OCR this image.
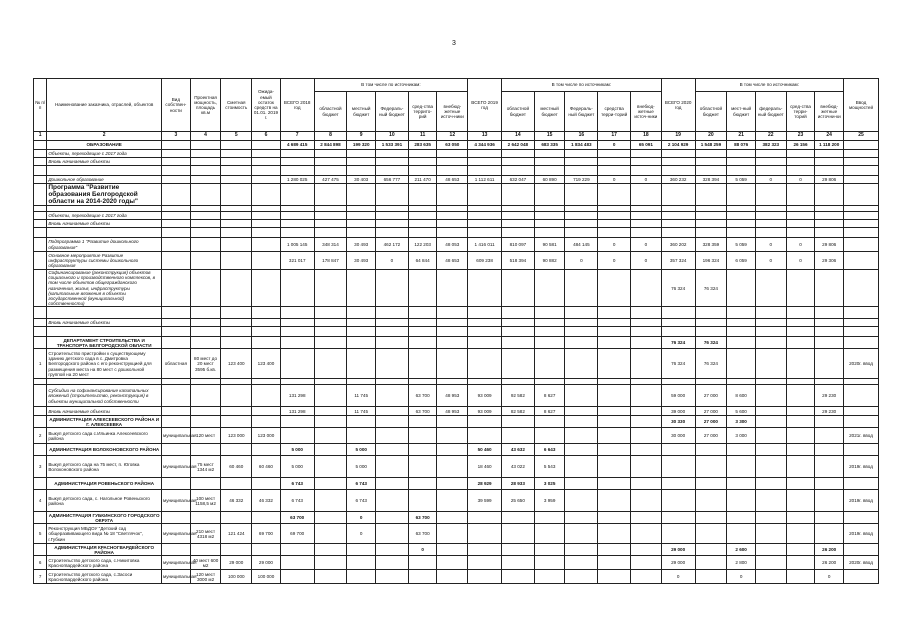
3
№ п/п	Наименование заказчика, отраслей, объектов	Вид собствен-ности	Проектная мощность, площадь кв.м	Сметная стоимость	Ожида-емый остаток средств на 01.01. 2019 г.	ВСЕГО 2018 год	В том числе по источникам:					ВСЕГО 2019 год	В том числе по источникам:					ВСЕГО 2020 год	В том числе по источникам:					Ввод мощностей
							областной бюджет	местный бюджет	Федераль-ный бюджет	сред-ства террито-рий	внебюд-жетные источ-ники		областной бюджет	местный бюджет	Федераль-ный бюджет	средства терри-торий	внебюд-жетные источ-ники		областной бюджет	мест-ный бюджет	федераль-ный бюджет	сред-ства терри-торий	внебюд-жетные источни-ки	
1	2	3	4	5	6	7	8	9	10	11	12	13	14	15	16	17	18	19	20	21	22	23	24	25
	ОБРАЗОВАНИЕ					4 689 415	2 844 898	199 320	1 533 391	283 635	63 050	4 344 936	2 642 048	683 335	1 834 483	0	65 091	2 104 929	1 548 259	88 076	382 323	26 156	1 118 200	
	Объекты, переходящие с 2017 года																							
	Вновь начинаемые объекты																							

	Дошкольное образование					1 280 025	427 475	30 403	656 777	211 470	48 653	1 112 611	632 047	60 890	719 229	0	0	360 232	328 394	5 059	0	0	29 806	
	Программа "Развитие образования Белгородской области на 2014-2020 годы"																							

	Объекты, переходящие с 2017 года																							
	Вновь начинаемые объекты																							

	Подпрограмма 1 "Развитие дошкольного образования"					1 005 145	348 314	30 493	462 172	122 203	48 053	1 416 011	810 097	90 581	484 145	0	0	360 202	328 359	5 059	0	0	29 806	
	Основное мероприятие Развитие инфраструктуры системы дошкольного образования					321 017	178 847	30 493	0	64 844	48 653	609 238	518 394	90 882	0	0	0	357 324	196 324	6 059	0	0	29 306	
	Софинансирование (реконструкция) объектов социального и производственного комплексов, в том числе объектов общегражданского назначения, жилья, инфраструктуры (капитальные вложения в объекты государственной (муниципальной) собственности)																	76 324	76 324					

	Вновь начинаемые объекты																							

	ДЕПАРТАМЕНТ СТРОИТЕЛЬСТВА И ТРАНСПОРТА БЕЛГОРОДСКОЙ ОБЛАСТИ																	76 324	76 324					
1	Строительство пристройки к существующему зданию детского сада в с. Дмитровка Белгородского района с его реконструкцией для размещения места на 80 мест с дошкольной группой на 20 мест	областная	80 мест до 20 мест 3595 б.кв.	123 400	123 400													76 324	76 324					2020г. ввод

	Субсидии на софинансирование капитальных вложений (строительство, реконструкция) в объекты муниципальной собственности					131 298		11 745		63 700	48 953	93 009	92 582	8 627				59 000	27 000	8 600			29 230	
	Вновь начинаемые объекты					131 298		11 745		63 700	48 953	93 009	82 582	8 627				39 000	27 000	5 600			29 230	
	АДМИНИСТРАЦИЯ АЛЕКСЕЕВСКОГО РАЙОНА И Г. АЛЕКСЕЕВКА																	30 330	27 000	3 300				
2	Выкуп детского сада с.Ильинка Алексеевского района	муниципальная	120 мест	123 000	123 000													30 000	27 000	3 000				2021г. ввод
	АДМИНИСТРАЦИЯ ВОЛОКОНОВСКОГО РАЙОНА					5 000		5 000				50 460	43 632	6 643										
3	Выкуп детского сада на 75 мест, п. Юговка Волоконовского района	муниципальная	75 мест 1344 м2	60 460	60 460	5 000		5 000				18 460	43 022	5 543										2019г. ввод
	АДМИНИСТРАЦИЯ РОВЕНЬСКОГО РАЙОНА					6 743		6 743				28 929	28 933	3 025										
4	Выкуп детского сада, с. Нагольное Ровеньского района	муниципальная	100 мест 1158,5 м2	46 332	46 332	6 743		6 743				39 599	25 650	3 959										2019г. ввод
	АДМИНИСТРАЦИЯ ГУБКИНСКОГО ГОРОДСКОГО ОКРУГА					63 700		0		63 700														
5	Реконструкция МБДОУ "Детский сад общеразвивающего вида № 18 "Светлячок", г.Губкин	муниципальная	210 мест 4318 м2	121 424	69 700	69 700		0		63 700														2019г. ввод
	АДМИНИСТРАЦИЯ КРАСНОГВАРДЕЙСКОГО РАЙОНА									0								29 000		2 600			26 200	
6	Строительство детского сада, с.Никитовка Красногвардейского района	муниципальная	40 мест 600 м2	29 000	29 000													29 000		2 800			26 200	2020г. ввод
7	Строительство детского сада, с.Засоси Красногвардейского района	муниципальная	120 мест 3000 м2	100 000	100 000													0		0			0	
